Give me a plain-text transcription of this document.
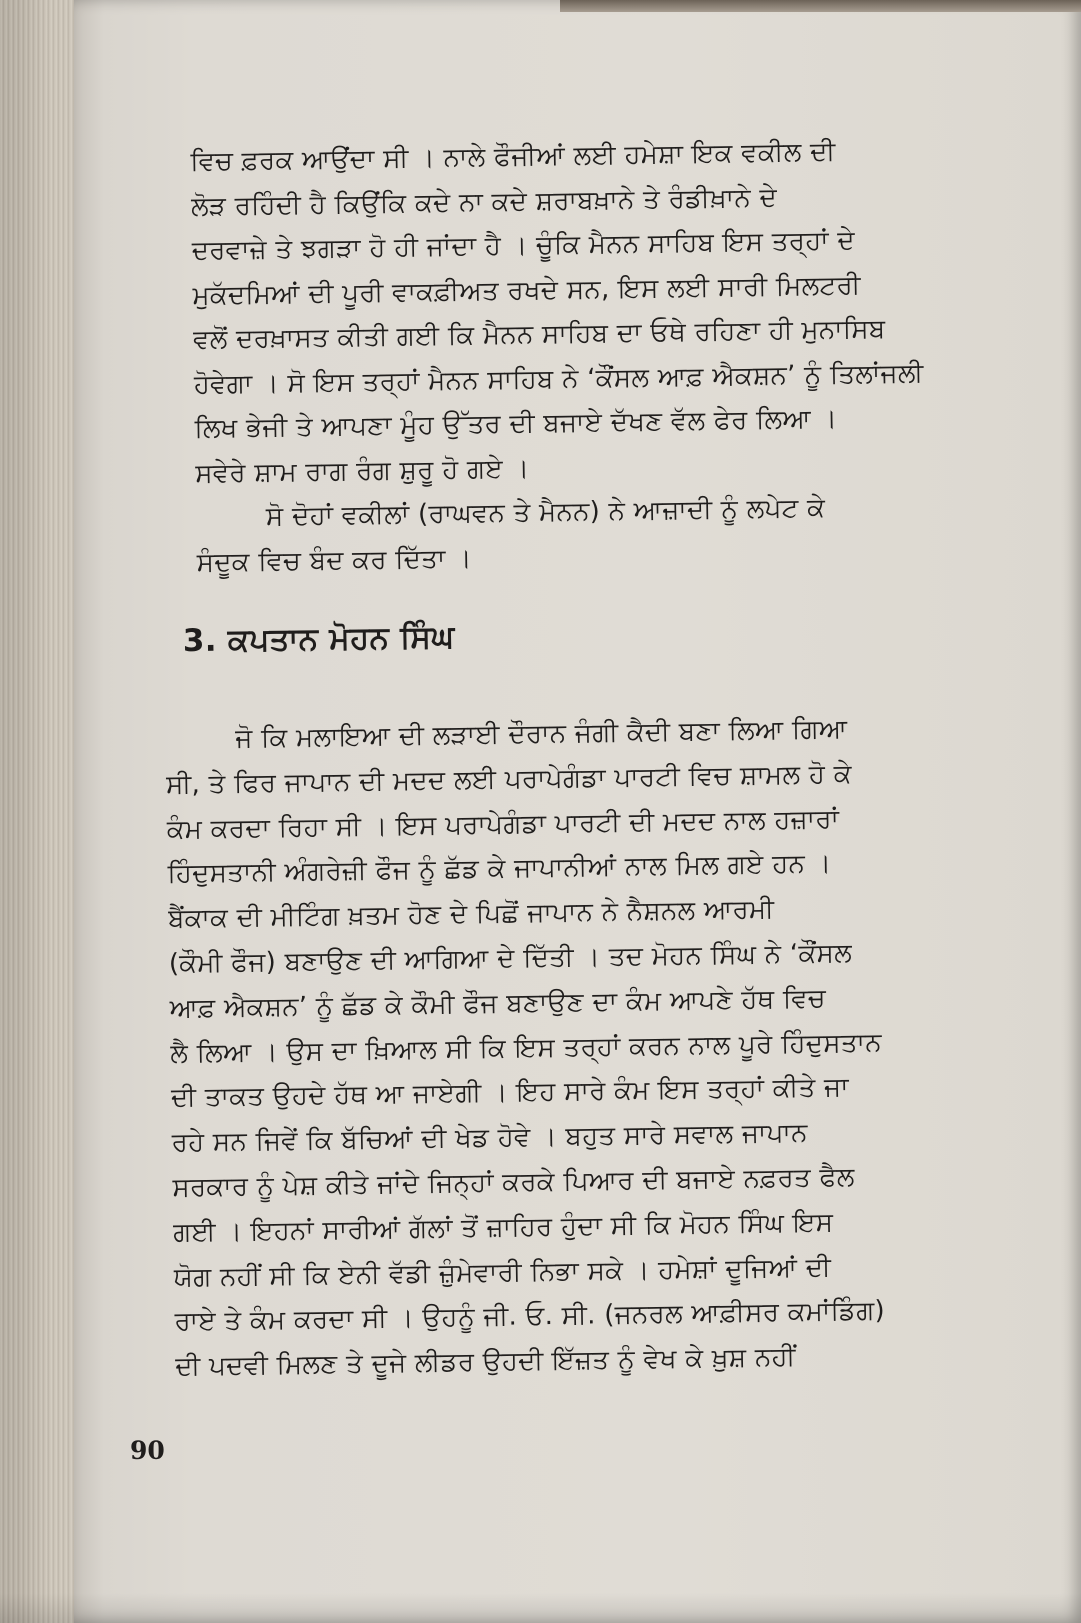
ਵਿਚ ਫ਼ਰਕ ਆਉਂਦਾ ਸੀ । ਨਾਲੇ ਫੌਜੀਆਂ ਲਈ ਹਮੇਸ਼ਾ ਇਕ ਵਕੀਲ ਦੀ
ਲੋੜ ਰਹਿੰਦੀ ਹੈ ਕਿਉਂਕਿ ਕਦੇ ਨਾ ਕਦੇ ਸ਼ਰਾਬਖ਼ਾਨੇ ਤੇ ਰੰਡੀਖ਼ਾਨੇ ਦੇ
ਦਰਵਾਜ਼ੇ ਤੇ ਝਗੜਾ ਹੋ ਹੀ ਜਾਂਦਾ ਹੈ । ਚੂੰਕਿ ਮੈਨਨ ਸਾਹਿਬ ਇਸ ਤਰ੍ਹਾਂ ਦੇ
ਮੁਕੱਦਮਿਆਂ ਦੀ ਪੂਰੀ ਵਾਕਫ਼ੀਅਤ ਰਖਦੇ ਸਨ, ਇਸ ਲਈ ਸਾਰੀ ਮਿਲਟਰੀ
ਵਲੋਂ ਦਰਖ਼ਾਸਤ ਕੀਤੀ ਗਈ ਕਿ ਮੈਨਨ ਸਾਹਿਬ ਦਾ ਓਥੇ ਰਹਿਣਾ ਹੀ ਮੁਨਾਸਿਬ
ਹੋਵੇਗਾ । ਸੋ ਇਸ ਤਰ੍ਹਾਂ ਮੈਨਨ ਸਾਹਿਬ ਨੇ ‘ਕੌਂਸਲ ਆਫ਼ ਐਕਸ਼ਨ’ ਨੂੰ ਤਿਲਾਂਜਲੀ
ਲਿਖ ਭੇਜੀ ਤੇ ਆਪਣਾ ਮੂੰਹ ਉੱਤਰ ਦੀ ਬਜਾਏ ਦੱਖਣ ਵੱਲ ਫੇਰ ਲਿਆ ।
ਸਵੇਰੇ ਸ਼ਾਮ ਰਾਗ ਰੰਗ ਸ਼ੁਰੂ ਹੋ ਗਏ ।
ਸੋ ਦੋਹਾਂ ਵਕੀਲਾਂ (ਰਾਘਵਨ ਤੇ ਮੈਨਨ) ਨੇ ਆਜ਼ਾਦੀ ਨੂੰ ਲਪੇਟ ਕੇ
ਸੰਦੂਕ ਵਿਚ ਬੰਦ ਕਰ ਦਿੱਤਾ ।
3. ਕਪਤਾਨ ਮੋਹਨ ਸਿੰਘ
ਜੋ ਕਿ ਮਲਾਇਆ ਦੀ ਲੜਾਈ ਦੌਰਾਨ ਜੰਗੀ ਕੈਦੀ ਬਣਾ ਲਿਆ ਗਿਆ
ਸੀ, ਤੇ ਫਿਰ ਜਾਪਾਨ ਦੀ ਮਦਦ ਲਈ ਪਰਾਪੇਗੰਡਾ ਪਾਰਟੀ ਵਿਚ ਸ਼ਾਮਲ ਹੋ ਕੇ
ਕੰਮ ਕਰਦਾ ਰਿਹਾ ਸੀ । ਇਸ ਪਰਾਪੇਗੰਡਾ ਪਾਰਟੀ ਦੀ ਮਦਦ ਨਾਲ ਹਜ਼ਾਰਾਂ
ਹਿੰਦੁਸਤਾਨੀ ਅੰਗਰੇਜ਼ੀ ਫੌਜ ਨੂੰ ਛੱਡ ਕੇ ਜਾਪਾਨੀਆਂ ਨਾਲ ਮਿਲ ਗਏ ਹਨ ।
ਬੈਂਕਾਕ ਦੀ ਮੀਟਿੰਗ ਖ਼ਤਮ ਹੋਣ ਦੇ ਪਿਛੋਂ ਜਾਪਾਨ ਨੇ ਨੈਸ਼ਨਲ ਆਰਮੀ
(ਕੌਮੀ ਫੌਜ) ਬਣਾਉਣ ਦੀ ਆਗਿਆ ਦੇ ਦਿੱਤੀ । ਤਦ ਮੋਹਨ ਸਿੰਘ ਨੇ ‘ਕੌਂਸਲ
ਆਫ਼ ਐਕਸ਼ਨ’ ਨੂੰ ਛੱਡ ਕੇ ਕੌਮੀ ਫੌਜ ਬਣਾਉਣ ਦਾ ਕੰਮ ਆਪਣੇ ਹੱਥ ਵਿਚ
ਲੈ ਲਿਆ । ਉਸ ਦਾ ਖ਼ਿਆਲ ਸੀ ਕਿ ਇਸ ਤਰ੍ਹਾਂ ਕਰਨ ਨਾਲ ਪੂਰੇ ਹਿੰਦੁਸਤਾਨ
ਦੀ ਤਾਕਤ ਉਹਦੇ ਹੱਥ ਆ ਜਾਏਗੀ । ਇਹ ਸਾਰੇ ਕੰਮ ਇਸ ਤਰ੍ਹਾਂ ਕੀਤੇ ਜਾ
ਰਹੇ ਸਨ ਜਿਵੇਂ ਕਿ ਬੱਚਿਆਂ ਦੀ ਖੇਡ ਹੋਵੇ । ਬਹੁਤ ਸਾਰੇ ਸਵਾਲ ਜਾਪਾਨ
ਸਰਕਾਰ ਨੂੰ ਪੇਸ਼ ਕੀਤੇ ਜਾਂਦੇ ਜਿਨ੍ਹਾਂ ਕਰਕੇ ਪਿਆਰ ਦੀ ਬਜਾਏ ਨਫ਼ਰਤ ਫੈਲ
ਗਈ । ਇਹਨਾਂ ਸਾਰੀਆਂ ਗੱਲਾਂ ਤੋਂ ਜ਼ਾਹਿਰ ਹੁੰਦਾ ਸੀ ਕਿ ਮੋਹਨ ਸਿੰਘ ਇਸ
ਯੋਗ ਨਹੀਂ ਸੀ ਕਿ ਏਨੀ ਵੱਡੀ ਜ਼ੁੰਮੇਵਾਰੀ ਨਿਭਾ ਸਕੇ । ਹਮੇਸ਼ਾਂ ਦੂਜਿਆਂ ਦੀ
ਰਾਏ ਤੇ ਕੰਮ ਕਰਦਾ ਸੀ । ਉਹਨੂੰ ਜੀ. ਓ. ਸੀ. (ਜਨਰਲ ਆਫ਼ੀਸਰ ਕਮਾਂਡਿੰਗ)
ਦੀ ਪਦਵੀ ਮਿਲਣ ਤੇ ਦੂਜੇ ਲੀਡਰ ਉਹਦੀ ਇੱਜ਼ਤ ਨੂੰ ਵੇਖ ਕੇ ਖ਼ੁਸ਼ ਨਹੀਂ
90
